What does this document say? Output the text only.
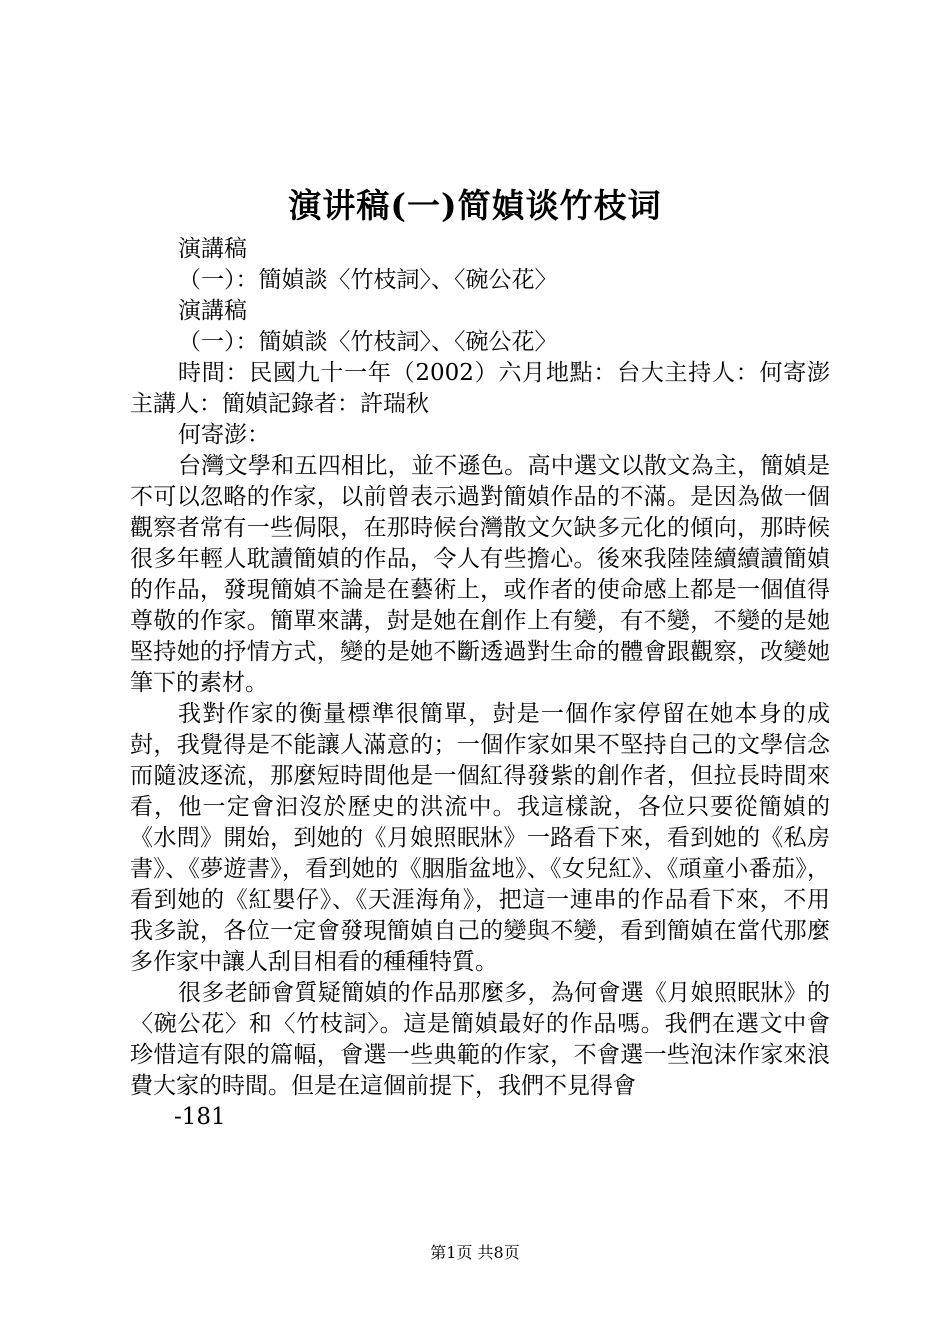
演讲稿(一)简媜谈竹枝词

演講稿

（一）：簡媜談〈竹枝詞〉、〈碗公花〉

演講稿

（一）：簡媜談〈竹枝詞〉、〈碗公花〉

時間：民國九十一年（2002）六月地點：台大主持人：何寄澎主講人：簡媜記錄者：許瑞秋

何寄澎：

台灣文學和五四相比，並不遜色。高中選文以散文為主，簡媜是不可以忽略的作家，以前曾表示過對簡媜作品的不滿。是因為做一個觀察者常有一些侷限，在那時候台灣散文欠缺多元化的傾向，那時候很多年輕人耽讀簡媜的作品，令人有些擔心。後來我陸陸續續讀簡媜的作品，發現簡媜不論是在藝術上，或作者的使命感上都是一個值得尊敬的作家。簡單來講，尌是她在創作上有變，有不變，不變的是她堅持她的抒情方式，變的是她不斷透過對生命的體會跟觀察，改變她筆下的素材。

我對作家的衡量標準很簡單，尌是一個作家停留在她本身的成尌，我覺得是不能讓人滿意的；一個作家如果不堅持自己的文學信念而隨波逐流，那麼短時間他是一個紅得發紫的創作者，但拉長時間來看，他一定會汩沒於歷史的洪流中。我這樣說，各位只要從簡媜的《水問》開始，到她的《月娘照眠牀》一路看下來，看到她的《私房書》、《夢遊書》，看到她的《胭脂盆地》、《女兒紅》、《頑童小番茄》，看到她的《紅嬰仔》、《天涯海角》，把這一連串的作品看下來，不用我多說，各位一定會發現簡媜自己的變與不變，看到簡媜在當代那麼多作家中讓人刮目相看的種種特質。

很多老師會質疑簡媜的作品那麼多，為何會選《月娘照眠牀》的〈碗公花〉和〈竹枝詞〉。這是簡媜最好的作品嗎。我們在選文中會珍惜這有限的篇幅，會選一些典範的作家，不會選一些泡沫作家來浪費大家的時間。但是在這個前提下，我們不見得會

-181

第1页 共8页
